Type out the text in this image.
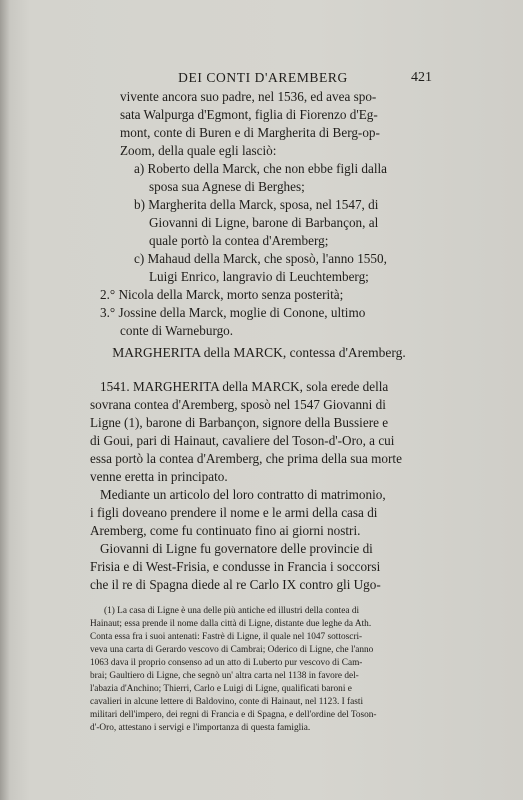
DEI CONTI D'AREMBERG	421
vivente ancora suo padre, nel 1536, ed avea spo-
sata Walpurga d'Egmont, figlia di Fiorenzo d'Eg-
mont, conte di Buren e di Margherita di Berg-op-
Zoom, della quale egli lasciò:
a) Roberto della Marck, che non ebbe figli dalla
sposa sua Agnese di Berghes;
b) Margherita della Marck, sposa, nel 1547, di
Giovanni di Ligne, barone di Barbançon, al
quale portò la contea d'Aremberg;
c) Mahaud della Marck, che sposò, l'anno 1550,
Luigi Enrico, langravio di Leuchtemberg;
2.° Nicola della Marck, morto senza posterità;
3.° Jossine della Marck, moglie di Conone, ultimo
conte di Warneburgo.
MARGHERITA della MARCK, contessa d'Aremberg.
1541. MARGHERITA della MARCK, sola erede della
sovrana contea d'Aremberg, sposò nel 1547 Giovanni di
Ligne (1), barone di Barbançon, signore della Bussiere e
di Goui, pari di Hainaut, cavaliere del Toson-d'-Oro, a cui
essa portò la contea d'Aremberg, che prima della sua morte
venne eretta in principato.
Mediante un articolo del loro contratto di matrimonio,
i figli doveano prendere il nome e le armi della casa di
Aremberg, come fu continuato fino ai giorni nostri.
Giovanni di Ligne fu governatore delle provincie di
Frisia e di West-Frisia, e condusse in Francia i soccorsi
che il re di Spagna diede al re Carlo IX contro gli Ugo-
(1) La casa di Ligne è una delle più antiche ed illustri della contea di
Hainaut; essa prende il nome dalla città di Ligne, distante due leghe da Ath.
Conta essa fra i suoi antenati: Fastrè di Ligne, il quale nel 1047 sottoscri-
veva una carta di Gerardo vescovo di Cambrai; Oderico di Ligne, che l'anno
1063 dava il proprio consenso ad un atto di Luberto pur vescovo di Cam-
brai; Gaultiero di Ligne, che segnò un' altra carta nel 1138 in favore del-
l'abazia d'Anchino; Thierri, Carlo e Luigi di Ligne, qualificati baroni e
cavalieri in alcune lettere di Baldovino, conte di Hainaut, nel 1123. I fasti
militari dell'impero, dei regni di Francia e di Spagna, e dell'ordine del Toson-
d'-Oro, attestano i servigi e l'importanza di questa famiglia.
